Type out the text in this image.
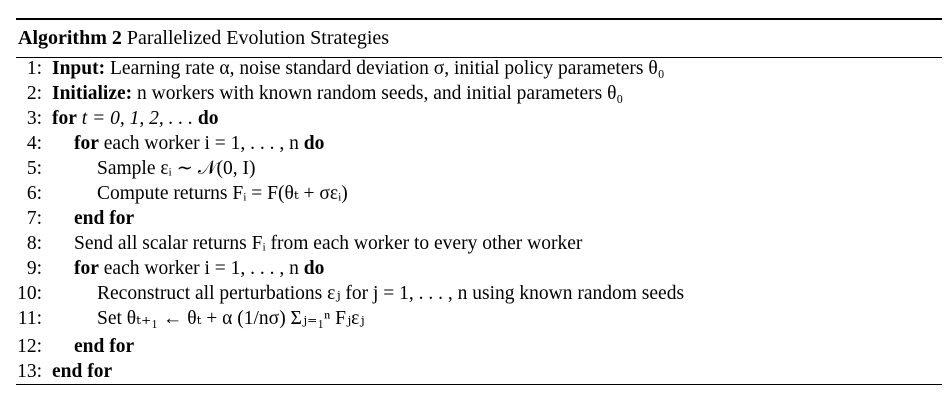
Algorithm 2 Parallelized Evolution Strategies
1: Input: Learning rate α, noise standard deviation σ, initial policy parameters θ₀
2: Initialize: n workers with known random seeds, and initial parameters θ₀
3: for t = 0, 1, 2, . . . do
4: for each worker i = 1, . . . , n do
5:	Sample εᵢ ∼ 𝒩(0, I)
6:	Compute returns Fᵢ = F(θₜ + σεᵢ)
7: end for
8: Send all scalar returns Fᵢ from each worker to every other worker
9: for each worker i = 1, . . . , n do
10:	Reconstruct all perturbations εⱼ for j = 1, . . . , n using known random seeds
11:	Set θₜ₊₁ ← θₜ + α (1/nσ) Σⱼ₌₁ⁿ Fⱼεⱼ
12: end for
13: end for
